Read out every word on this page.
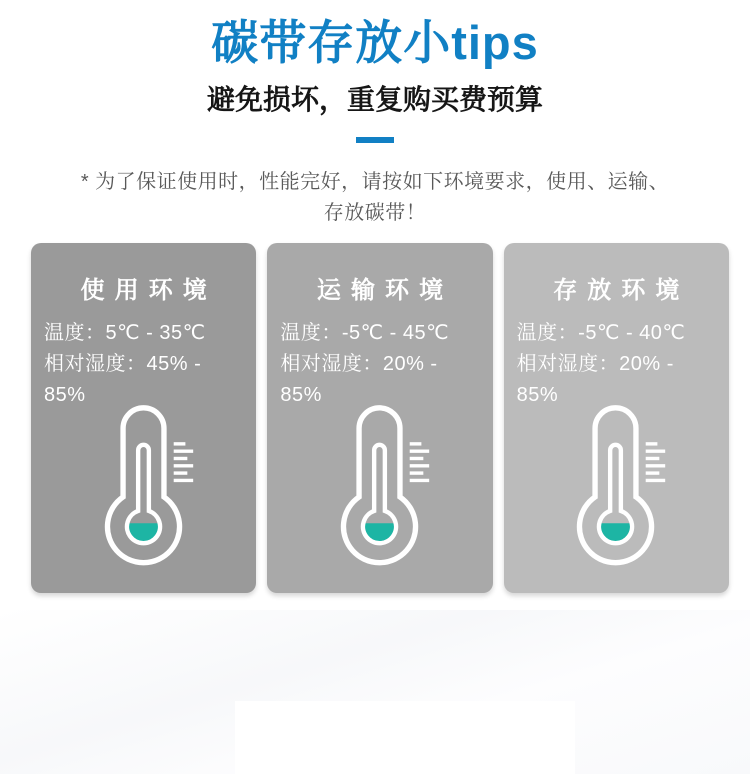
碳带存放小tips
避免损坏，重复购买费预算
* 为了保证使用时，性能完好，请按如下环境要求，使用、运输、
存放碳带！
使用环境
温度：5℃ - 35℃
相对湿度：45% - 85%
运输环境
温度：-5℃ - 45℃
相对湿度：20% - 85%
存放环境
温度：-5℃ - 40℃
相对湿度：20% - 85%
